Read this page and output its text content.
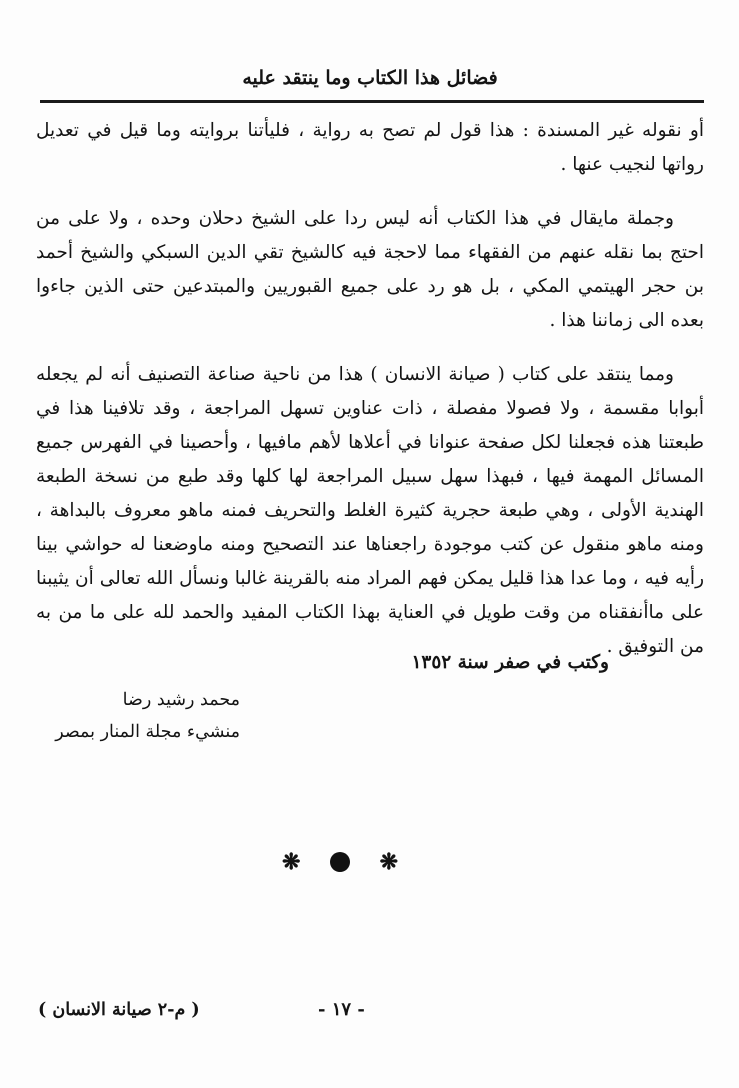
فضائل هذا الكتاب وما ينتقد عليه

أو نقوله غير المسندة : هذا قول لم تصح به رواية ، فليأتنا بروايته وما قيل في تعديل رواتها لنجيب عنها .

وجملة مايقال في هذا الكتاب أنه ليس ردا على الشيخ دحلان وحده ، ولا على من احتج بما نقله عنهم من الفقهاء مما لاحجة فيه كالشيخ تقي الدين السبكي والشيخ أحمد بن حجر الهيتمي المكي ، بل هو رد على جميع القبوريين والمبتدعين حتى الذين جاءوا بعده الى زماننا هذا .

ومما ينتقد على كتاب ( صيانة الانسان ) هذا من ناحية صناعة التصنيف أنه لم يجعله أبوابا مقسمة ، ولا فصولا مفصلة ، ذات عناوين تسهل المراجعة ، وقد تلافينا هذا في طبعتنا هذه فجعلنا لكل صفحة عنوانا في أعلاها لأهم مافيها ، وأحصينا في الفهرس جميع المسائل المهمة فيها ، فبهذا سهل سبيل المراجعة لها كلها وقد طبع من نسخة الطبعة الهندية الأولى ، وهي طبعة حجرية كثيرة الغلط والتحريف فمنه ماهو معروف بالبداهة ، ومنه ماهو منقول عن كتب موجودة راجعناها عند التصحيح ومنه ماوضعنا له حواشي بينا رأيه فيه ، وما عدا هذا قليل يمكن فهم المراد منه بالقرينة غالبا ونسأل الله تعالى أن يثيبنا على ماأنفقناه من وقت طويل في العناية بهذا الكتاب المفيد والحمد لله على ما من به من التوفيق .

وكتب في صفر سنة ١٣٥٢
محمد رشيد رضا
منشيء مجلة المنار بمصر
❋	❋
( م-٢ صيانة الانسان )	- ١٧ -
